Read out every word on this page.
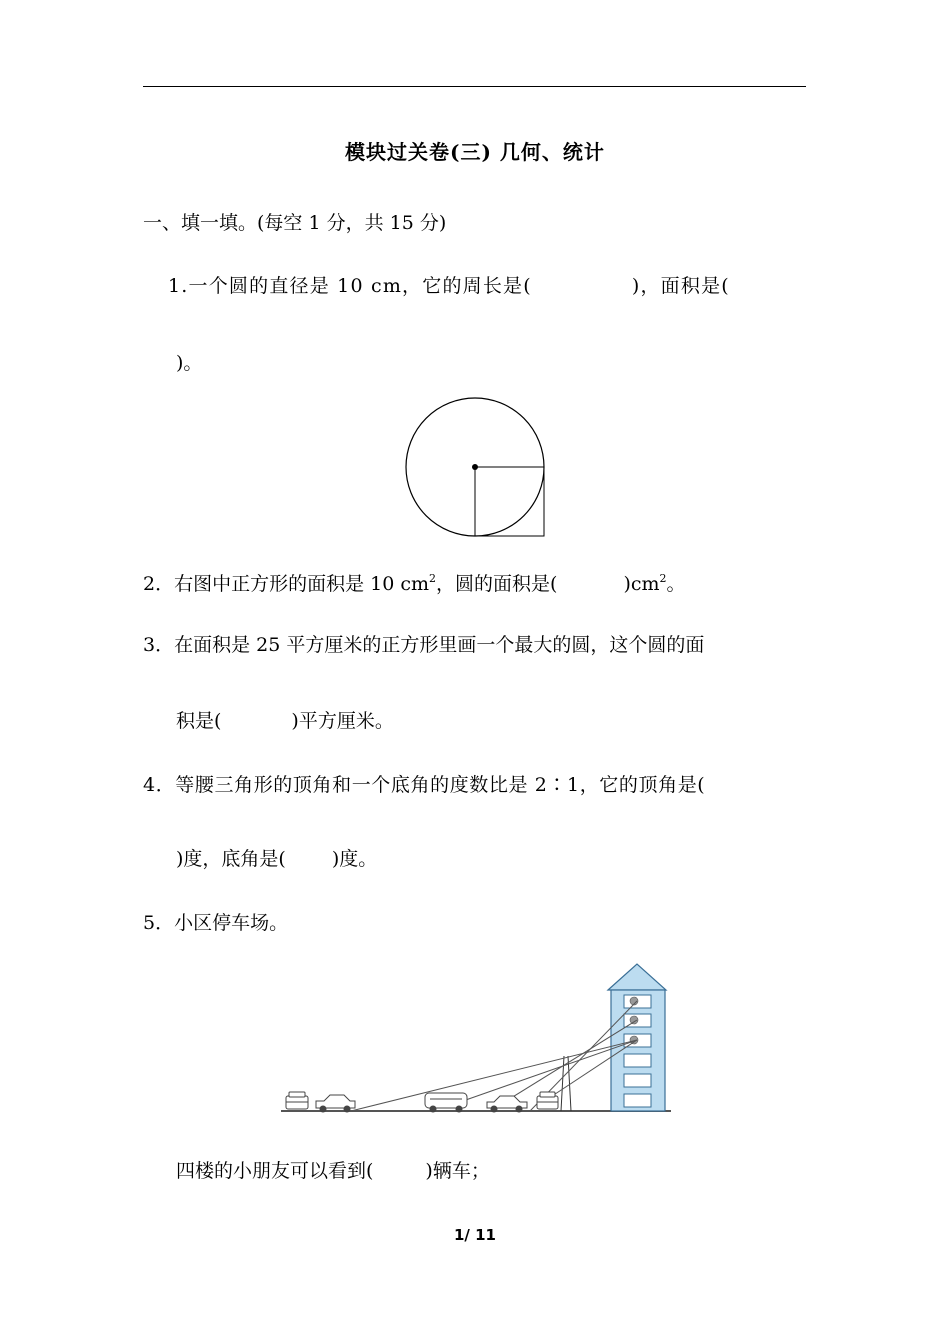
模块过关卷(三) 几何、统计
一、填一填。(每空 1 分，共 15 分)
1.一个圆的直径是 10 cm，它的周长是(	)，面积是(
)。
2．右图中正方形的面积是 10 $cm^2$，圆的面积是(	)$cm^2$。
3．在面积是 25 平方厘米的正方形里画一个最大的圆，这个圆的面
积是(	)平方厘米。
4．等腰三角形的顶角和一个底角的度数比是 2∶1，它的顶角是(
)度，底角是( )度。
5．小区停车场。
四楼的小朋友可以看到(	)辆车；
1/ 11
